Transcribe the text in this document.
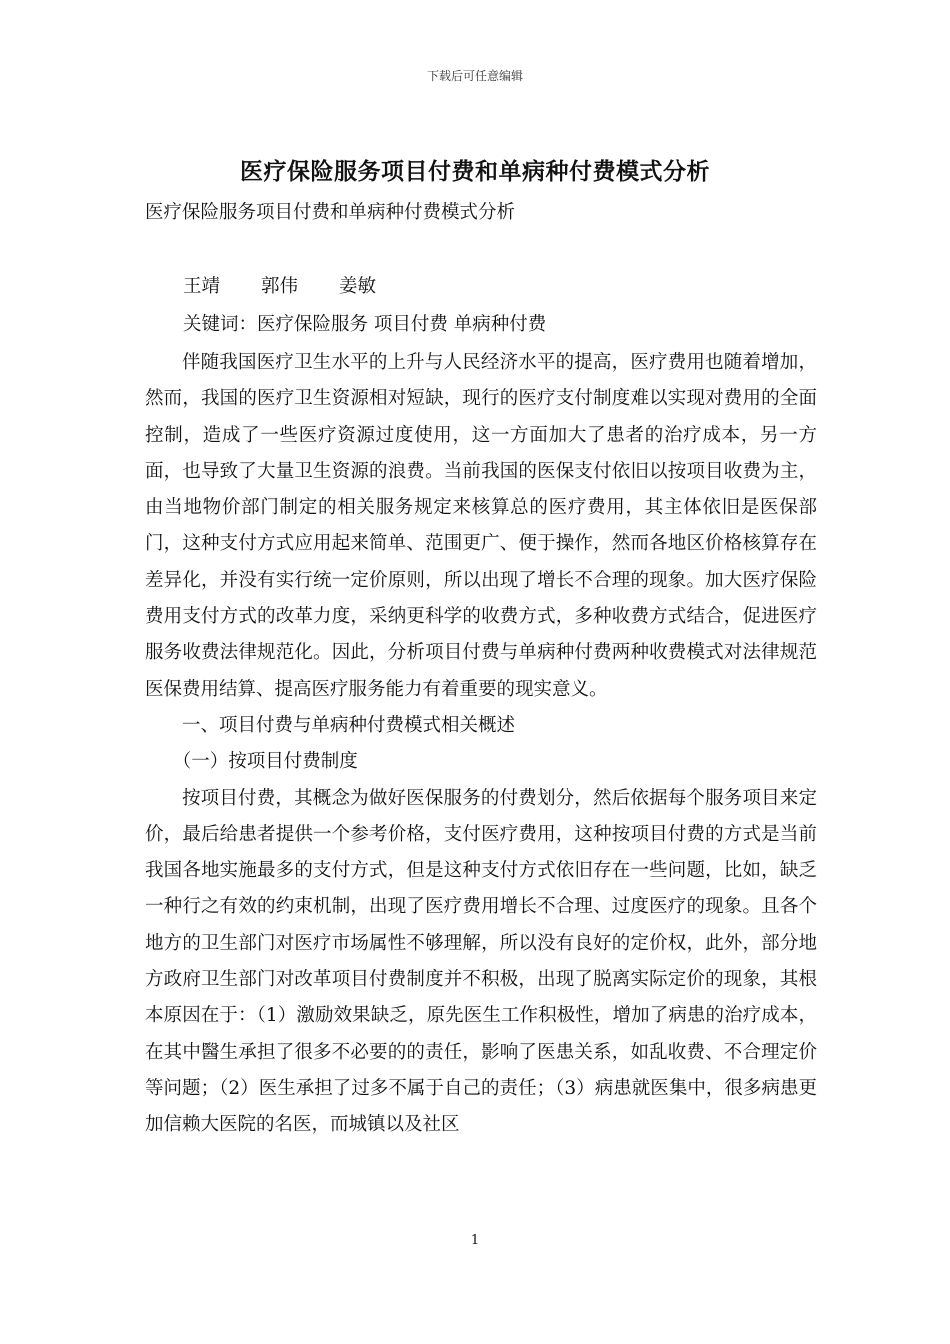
下载后可任意编辑
医疗保险服务项目付费和单病种付费模式分析
医疗保险服务项目付费和单病种付费模式分析
王靖 郭伟 姜敏
关键词：医疗保险服务 项目付费 单病种付费

伴随我国医疗卫生水平的上升与人民经济水平的提高，医疗费用也随着增加，然而，我国的医疗卫生资源相对短缺，现行的医疗支付制度难以实现对费用的全面控制，造成了一些医疗资源过度使用，这一方面加大了患者的治疗成本，另一方面，也导致了大量卫生资源的浪费。当前我国的医保支付依旧以按项目收费为主，由当地物价部门制定的相关服务规定来核算总的医疗费用，其主体依旧是医保部门，这种支付方式应用起来简单、范围更广、便于操作，然而各地区价格核算存在差异化，并没有实行统一定价原则，所以出现了增长不合理的现象。加大医疗保险费用支付方式的改革力度，采纳更科学的收费方式，多种收费方式结合，促进医疗服务收费法律规范化。因此，分析项目付费与单病种付费两种收费模式对法律规范医保费用结算、提高医疗服务能力有着重要的现实意义。

一、项目付费与单病种付费模式相关概述

（一）按项目付费制度

按项目付费，其概念为做好医保服务的付费划分，然后依据每个服务项目来定价，最后给患者提供一个参考价格，支付医疗费用，这种按项目付费的方式是当前我国各地实施最多的支付方式，但是这种支付方式依旧存在一些问题，比如，缺乏一种行之有效的约束机制，出现了医疗费用增长不合理、过度医疗的现象。且各个地方的卫生部门对医疗市场属性不够理解，所以没有良好的定价权，此外，部分地方政府卫生部门对改革项目付费制度并不积极，出现了脱离实际定价的现象，其根本原因在于：（1）激励效果缺乏，原先医生工作积极性，增加了病患的治疗成本，在其中醫生承担了很多不必要的的责任，影响了医患关系，如乱收费、不合理定价等问题；（2）医生承担了过多不属于自己的责任；（3）病患就医集中，很多病患更加信赖大医院的名医，而城镇以及社区

1
